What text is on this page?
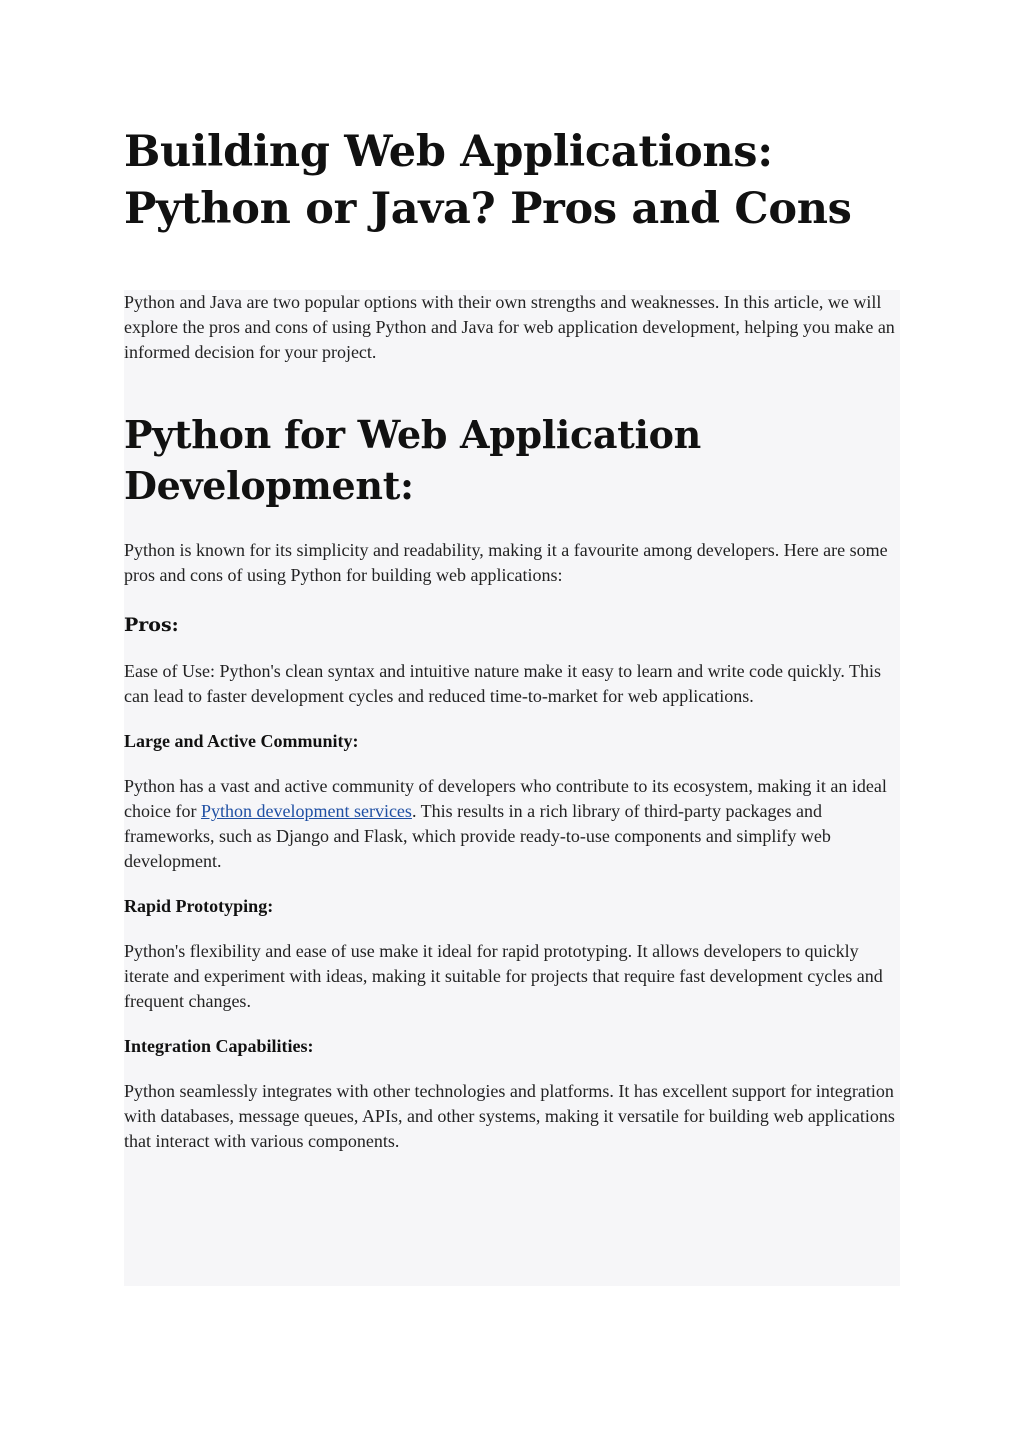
Building Web Applications: Python or Java? Pros and Cons

Python and Java are two popular options with their own strengths and weaknesses. In this article, we will explore the pros and cons of using Python and Java for web application development, helping you make an informed decision for your project.

Python for Web Application Development:

Python is known for its simplicity and readability, making it a favourite among developers. Here are some pros and cons of using Python for building web applications:

Pros:

Ease of Use: Python's clean syntax and intuitive nature make it easy to learn and write code quickly. This can lead to faster development cycles and reduced time-to-market for web applications.

Large and Active Community:

Python has a vast and active community of developers who contribute to its ecosystem, making it an ideal choice for Python development services. This results in a rich library of third-party packages and frameworks, such as Django and Flask, which provide ready-to-use components and simplify web development.

Rapid Prototyping:

Python's flexibility and ease of use make it ideal for rapid prototyping. It allows developers to quickly iterate and experiment with ideas, making it suitable for projects that require fast development cycles and frequent changes.

Integration Capabilities:

Python seamlessly integrates with other technologies and platforms. It has excellent support for integration with databases, message queues, APIs, and other systems, making it versatile for building web applications that interact with various components.
